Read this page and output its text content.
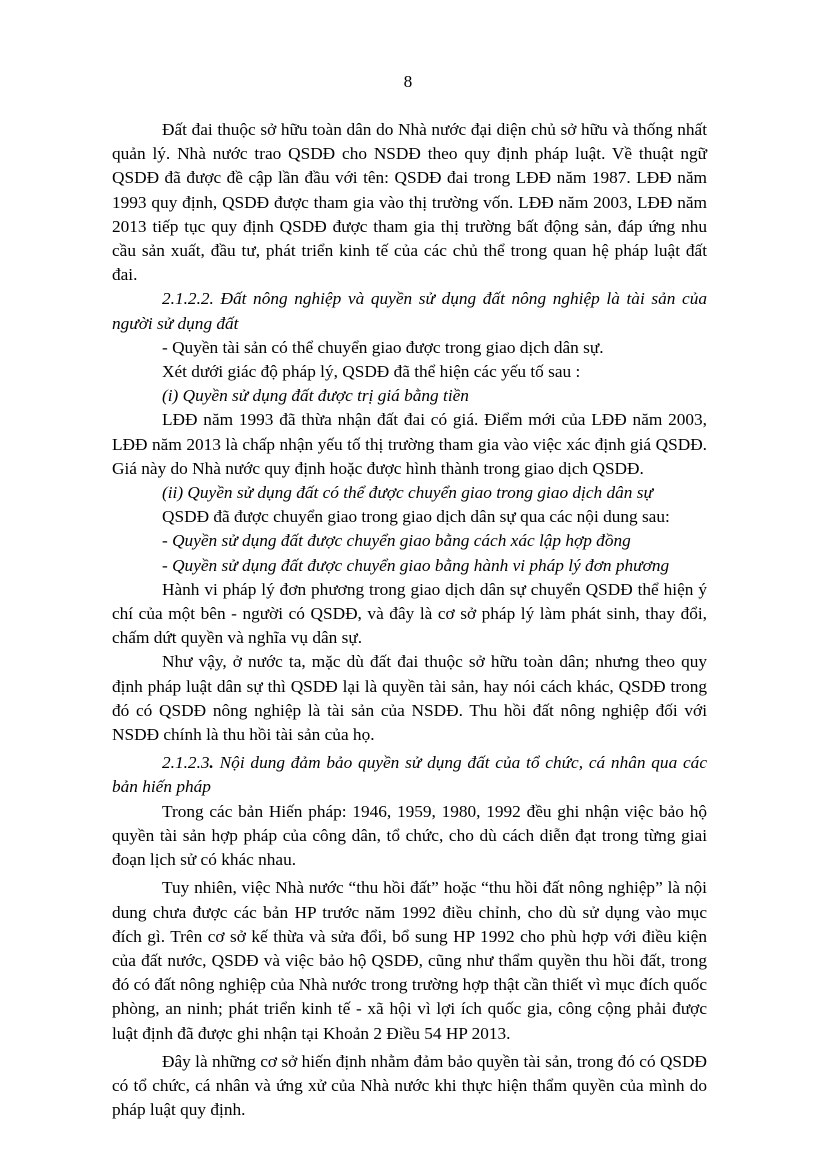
8

Đất đai thuộc sở hữu toàn dân do Nhà nước đại diện chủ sở hữu và thống nhất quản lý. Nhà nước trao QSDĐ cho NSDĐ theo quy định pháp luật. Về thuật ngữ QSDĐ đã được đề cập lần đầu với tên: QSDĐ đai trong LĐĐ năm 1987. LĐĐ năm 1993 quy định, QSDĐ được tham gia vào thị trường vốn. LĐĐ năm 2003, LĐĐ năm 2013 tiếp tục quy định QSDĐ được tham gia thị trường bất động sản, đáp ứng nhu cầu sản xuất, đầu tư, phát triển kinh tế của các chủ thể trong quan hệ pháp luật đất đai.

2.1.2.2. Đất nông nghiệp và quyền sử dụng đất nông nghiệp là tài sản của người sử dụng đất

- Quyền tài sản có thể chuyển giao được trong giao dịch dân sự.

Xét dưới giác độ pháp lý, QSDĐ đã thể hiện các yếu tố sau :

(i) Quyền sử dụng đất được trị giá bằng tiền

LĐĐ năm 1993 đã thừa nhận đất đai có giá. Điểm mới của LĐĐ năm 2003, LĐĐ năm 2013 là chấp nhận yếu tố thị trường tham gia vào việc xác định giá QSDĐ. Giá này do Nhà nước quy định hoặc được hình thành trong giao dịch QSDĐ.

(ii) Quyền sử dụng đất có thể được chuyển giao trong giao dịch dân sự

QSDĐ đã được chuyển giao trong giao dịch dân sự qua các nội dung sau:

- Quyền sử dụng đất được chuyển giao bằng cách xác lập hợp đồng

- Quyền sử dụng đất được chuyển giao bằng hành vi pháp lý đơn phương

Hành vi pháp lý đơn phương trong giao dịch dân sự chuyển QSDĐ thể hiện ý chí của một bên - người có QSDĐ, và đây là cơ sở pháp lý làm phát sinh, thay đổi, chấm dứt quyền và nghĩa vụ dân sự.

Như vậy, ở nước ta, mặc dù đất đai thuộc sở hữu toàn dân; nhưng theo quy định pháp luật dân sự thì QSDĐ lại là quyền tài sản, hay nói cách khác, QSDĐ trong đó có QSDĐ nông nghiệp là tài sản của NSDĐ. Thu hồi đất nông nghiệp đối với NSDĐ chính là thu hồi tài sản của họ.

2.1.2.3. Nội dung đảm bảo quyền sử dụng đất của tổ chức, cá nhân qua các bản hiến pháp

Trong các bản Hiến pháp: 1946, 1959, 1980, 1992 đều ghi nhận việc bảo hộ quyền tài sản hợp pháp của công dân, tổ chức, cho dù cách diễn đạt trong từng giai đoạn lịch sử có khác nhau.

Tuy nhiên, việc Nhà nước “thu hồi đất” hoặc “thu hồi đất nông nghiệp” là nội dung chưa được các bản HP trước năm 1992 điều chỉnh, cho dù sử dụng vào mục đích gì. Trên cơ sở kế thừa và sửa đổi, bổ sung HP 1992 cho phù hợp với điều kiện của đất nước, QSDĐ và việc bảo hộ QSDĐ, cũng như thẩm quyền thu hồi đất, trong đó có đất nông nghiệp của Nhà nước trong trường hợp thật cần thiết vì mục đích quốc phòng, an ninh; phát triển kinh tế - xã hội vì lợi ích quốc gia, công cộng phải được luật định đã được ghi nhận tại Khoản 2 Điều 54 HP 2013.

Đây là những cơ sở hiến định nhằm đảm bảo quyền tài sản, trong đó có QSDĐ có tổ chức, cá nhân và ứng xử của Nhà nước khi thực hiện thẩm quyền của mình do pháp luật quy định.
